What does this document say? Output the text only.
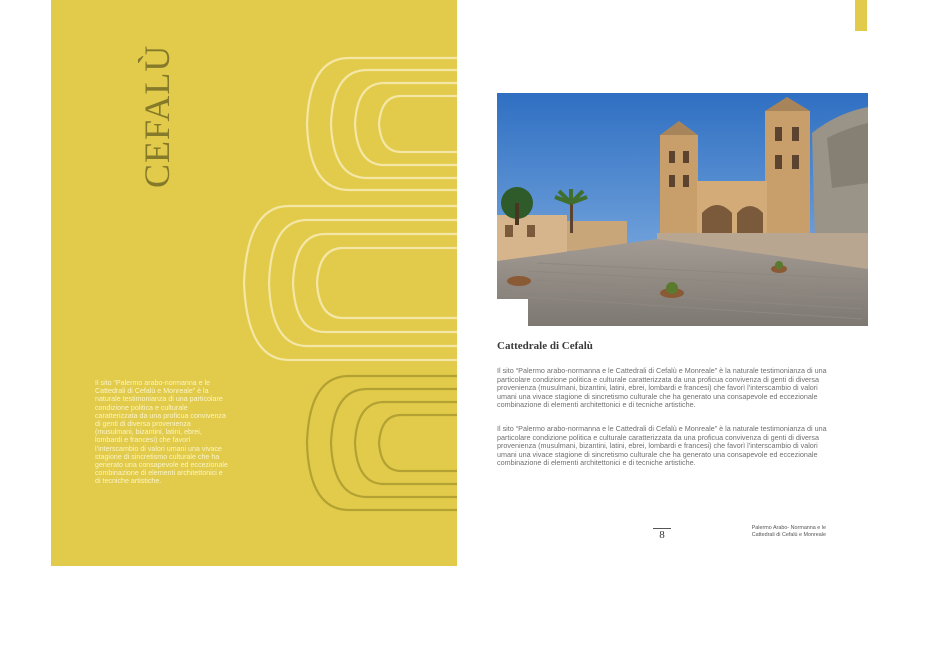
CEFALÙ
Il sito “Palermo arabo-normanna e le Cattedrali di Cefalù e Monreale” è la naturale testimonianza di una particolare condizione politica e culturale caratterizzata da una proficua convivenza di genti di diversa provenienza (musulmani, bizantini, latini, ebrei, lombardi e francesi) che favorì l’interscambio di valori umani una vivace stagione di sincretismo culturale che ha generato una consapevole ed eccezionale combinazione di elementi architettonici e di tecniche artistiche.
Cattedrale di Cefalù
Il sito “Palermo arabo-normanna e le Cattedrali di Cefalù e Monreale” è la naturale testimonianza di una particolare condizione politica e culturale caratterizzata da una proficua convivenza di genti di diversa provenienza (musulmani, bizantini, latini, ebrei, lombardi e francesi) che favorì l’interscambio di valori umani una vivace stagione di sincretismo culturale che ha generato una consapevole ed eccezionale combinazione di elementi architettonici e di tecniche artistiche.
Il sito “Palermo arabo-normanna e le Cattedrali di Cefalù e Monreale” è la naturale testimonianza di una particolare condizione politica e culturale caratterizzata da una proficua convivenza di genti di diversa provenienza (musulmani, bizantini, latini, ebrei, lombardi e francesi) che favorì l’interscambio di valori umani una vivace stagione di sincretismo culturale che ha generato una consapevole ed eccezionale combinazione di elementi architettonici e di tecniche artistiche.
8
Palermo Arabo- Normanna e le Cattedrali di Cefalù e Monreale
